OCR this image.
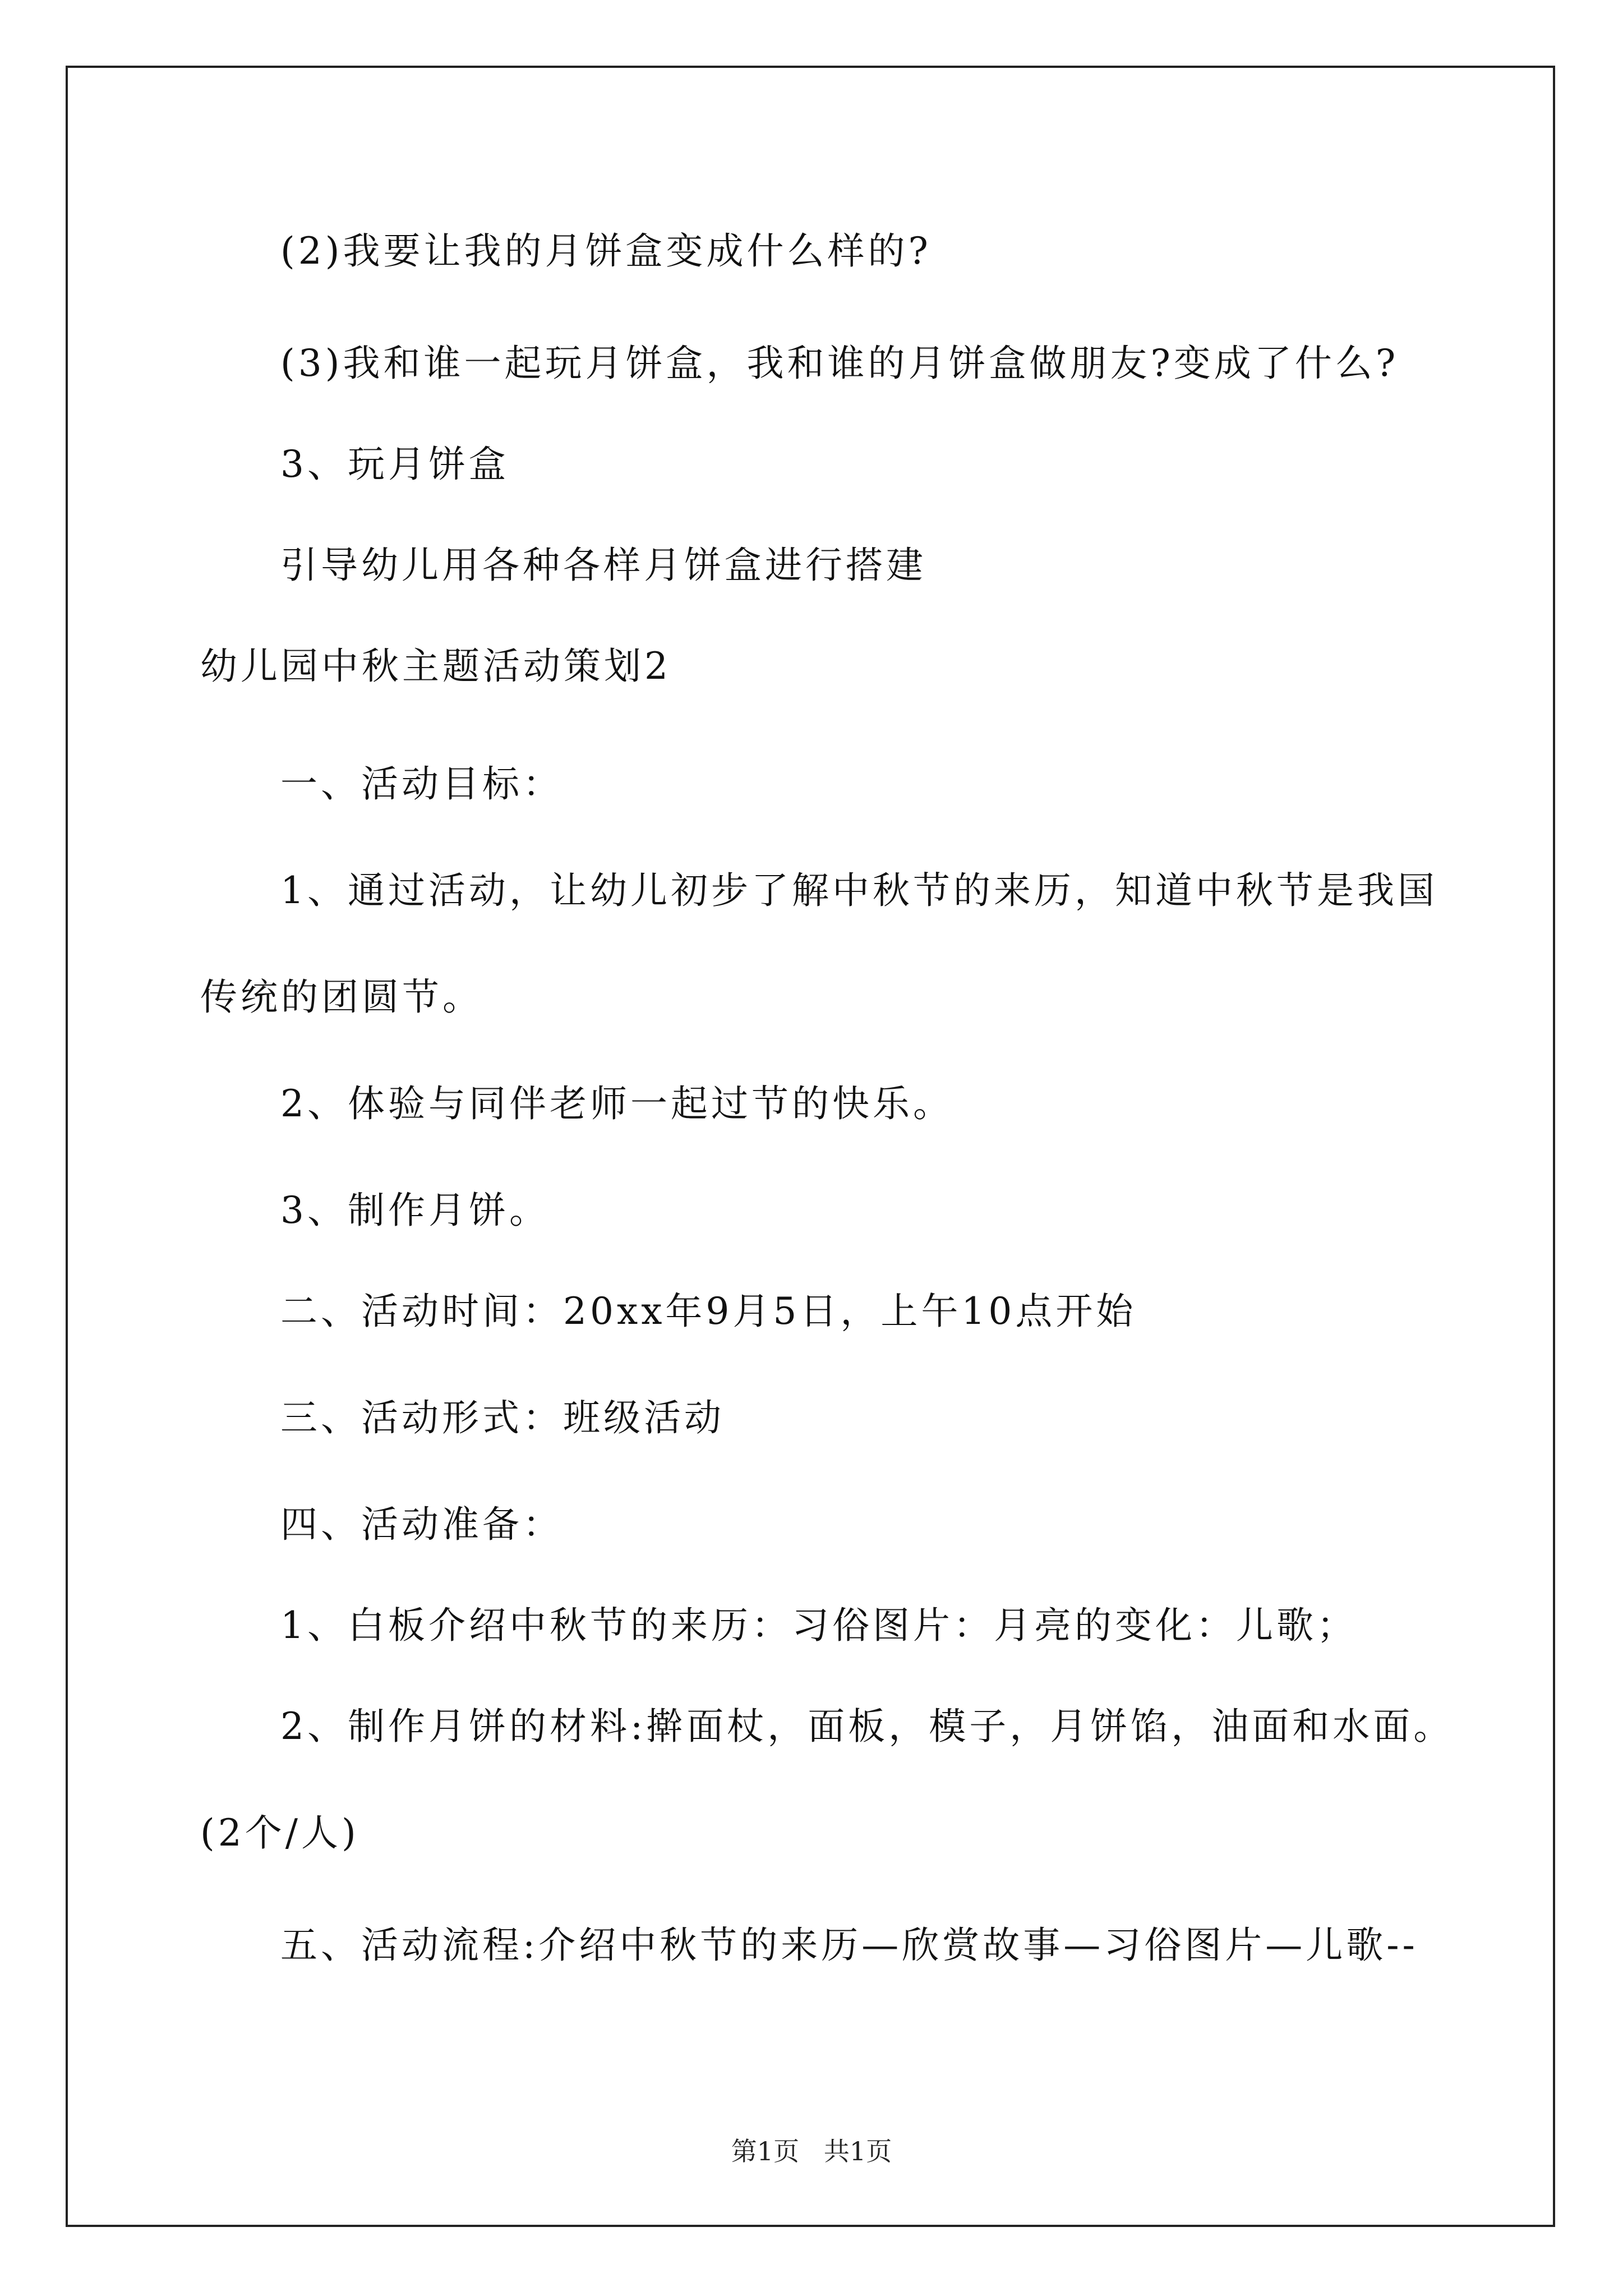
(2)我要让我的月饼盒变成什么样的?
(3)我和谁一起玩月饼盒，我和谁的月饼盒做朋友?变成了什么?
3、玩月饼盒
引导幼儿用各种各样月饼盒进行搭建
幼儿园中秋主题活动策划2
一、活动目标：
1、通过活动，让幼儿初步了解中秋节的来历，知道中秋节是我国
传统的团圆节。
2、体验与同伴老师一起过节的快乐。
3、制作月饼。
二、活动时间：20xx年9月5日，上午10点开始
三、活动形式：班级活动
四、活动准备：
1、白板介绍中秋节的来历：习俗图片：月亮的变化：儿歌；
2、制作月饼的材料:擀面杖，面板，模子，月饼馅，油面和水面。
(2个/人)
五、活动流程:介绍中秋节的来历—欣赏故事—习俗图片—儿歌--
第1页   共1页
